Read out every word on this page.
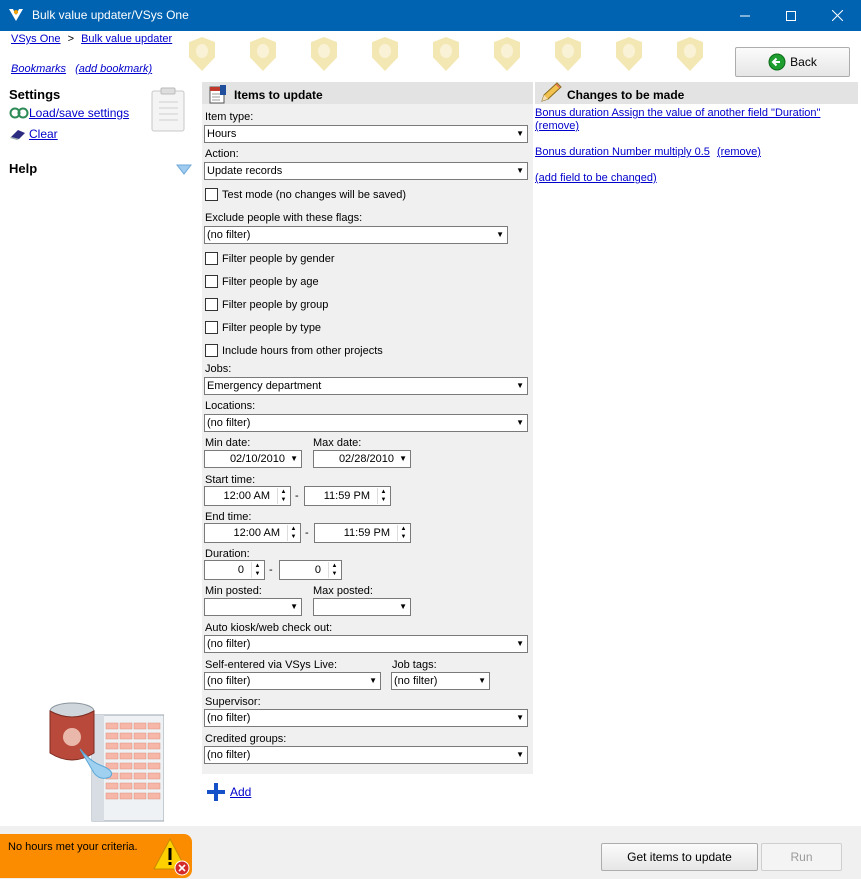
Bulk value updater/VSys One
VSys One > Bulk value updater
Bookmarks (add bookmark)	Back
Settings
Load/save settings
Clear
Help
Items to update
Item type:
Hours ▼
Action:
Update records ▼
Test mode (no changes will be saved)
Exclude people with these flags:
(no filter) ▼
Filter people by gender
Filter people by age
Filter people by group
Filter people by type
Include hours from other projects
Jobs:
Emergency department ▼
Locations:
(no filter) ▼
Min date:	Max date:
02/10/2010 ▼	02/28/2010 ▼
Start time:
12:00 AM	▲
▼ -	11:59 PM	▲
▼
End time:
12:00 AM	▲
▼ -	11:59 PM	▲
▼
Duration:
0	▲
▼ -	0	▲
▼
Min posted:	Max posted:
▼
▼
Auto kiosk/web check out:
(no filter) ▼
Self-entered via VSys Live:	Job tags:
(no filter) ▼	(no filter) ▼
Supervisor:
(no filter) ▼
Credited groups:
(no filter) ▼
Add
Changes to be made
Bonus duration Assign the value of another field "Duration"
(remove)
Bonus duration Number multiply 0.5 (remove)
(add field to be changed)
Get items to update	Run
No hours met your criteria.
